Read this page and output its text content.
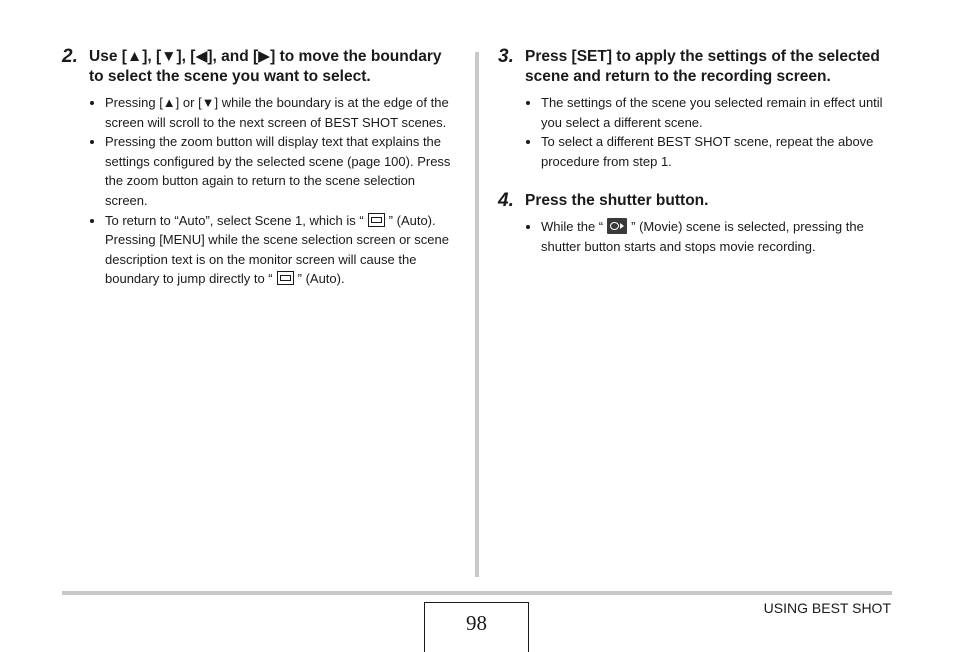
2. Use [▲], [▼], [◀], and [▶] to move the boundary to select the scene you want to select.
Pressing [▲] or [▼] while the boundary is at the edge of the screen will scroll to the next screen of BEST SHOT scenes.
Pressing the zoom button will display text that explains the settings configured by the selected scene (page 100). Press the zoom button again to return to the scene selection screen.
To return to “Auto”, select Scene 1, which is “ ” (Auto). Pressing [MENU] while the scene selection screen or scene description text is on the monitor screen will cause the boundary to jump directly to “ ” (Auto).
3. Press [SET] to apply the settings of the selected scene and return to the recording screen.
The settings of the scene you selected remain in effect until you select a different scene.
To select a different BEST SHOT scene, repeat the above procedure from step 1.
4. Press the shutter button.
While the “ ” (Movie) scene is selected, pressing the shutter button starts and stops movie recording.
98
USING BEST SHOT
